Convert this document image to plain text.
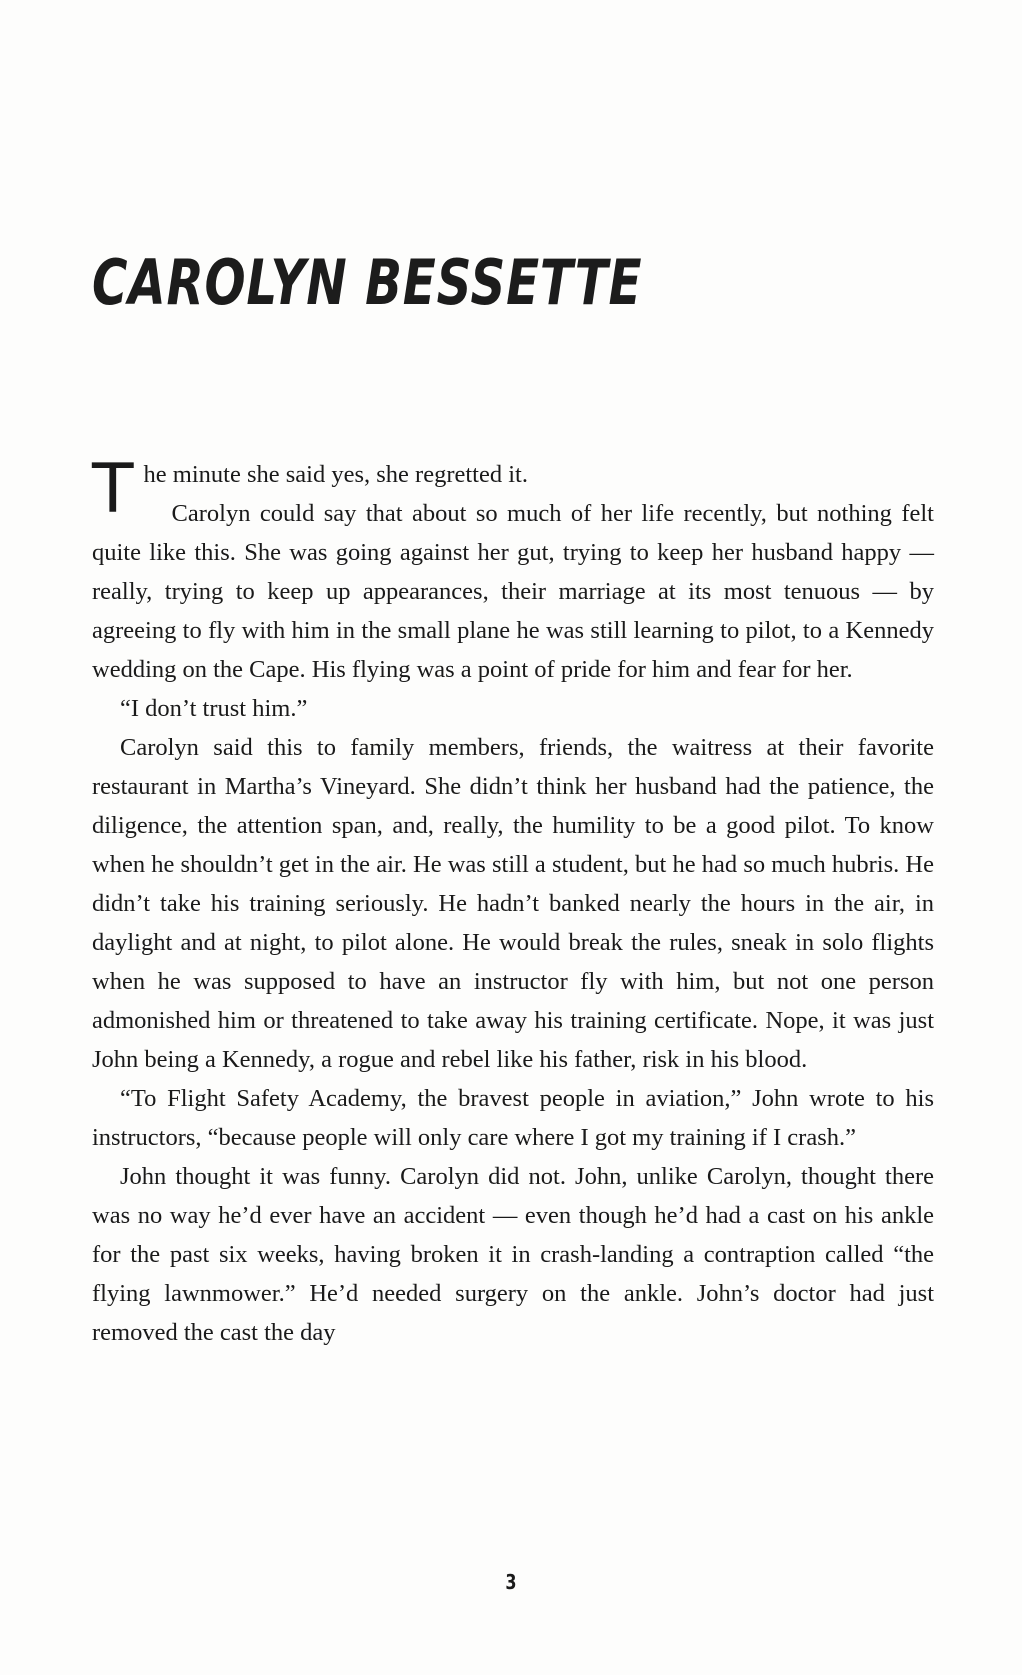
CAROLYN BESSETTE

The minute she said yes, she regretted it.

Carolyn could say that about so much of her life recently, but nothing felt quite like this. She was going against her gut, trying to keep her husband happy — really, trying to keep up appearances, their marriage at its most tenuous — by agreeing to fly with him in the small plane he was still learning to pilot, to a Kennedy wedding on the Cape. His flying was a point of pride for him and fear for her.

“I don’t trust him.”

Carolyn said this to family members, friends, the waitress at their favorite restaurant in Martha’s Vineyard. She didn’t think her husband had the patience, the diligence, the attention span, and, really, the humility to be a good pilot. To know when he shouldn’t get in the air. He was still a student, but he had so much hubris. He didn’t take his training seriously. He hadn’t banked nearly the hours in the air, in daylight and at night, to pilot alone. He would break the rules, sneak in solo flights when he was supposed to have an instructor fly with him, but not one person admonished him or threatened to take away his training certificate. Nope, it was just John being a Kennedy, a rogue and rebel like his father, risk in his blood.

“To Flight Safety Academy, the bravest people in aviation,” John wrote to his instructors, “because people will only care where I got my training if I crash.”

John thought it was funny. Carolyn did not. John, unlike Carolyn, thought there was no way he’d ever have an accident — even though he’d had a cast on his ankle for the past six weeks, having broken it in crash-landing a contraption called “the flying lawnmower.” He’d needed surgery on the ankle. John’s doctor had just removed the cast the day

3
